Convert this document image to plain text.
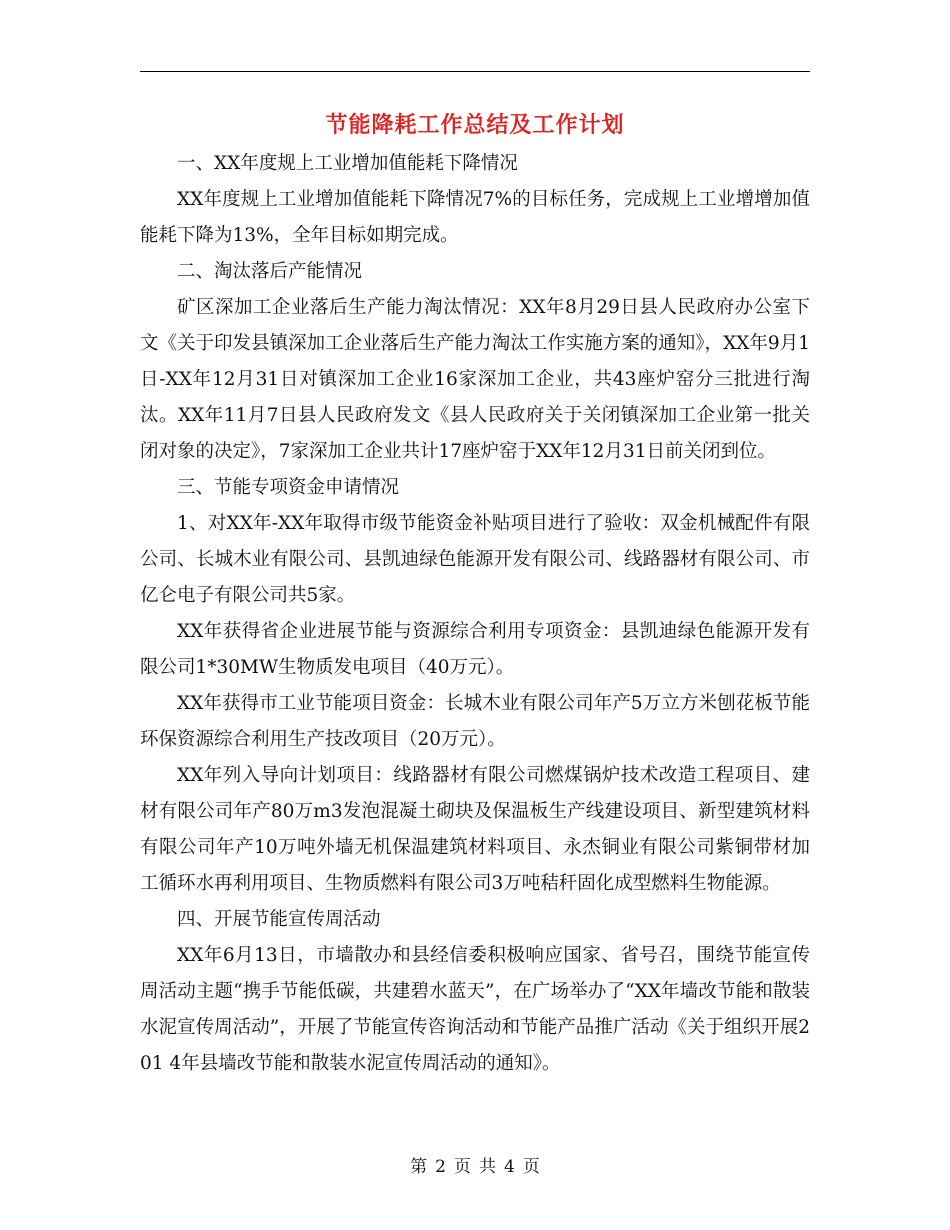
节能降耗工作总结及工作计划

一、XX年度规上工业增加值能耗下降情况

XX年度规上工业增加值能耗下降情况7%的目标任务，完成规上工业增增加值能耗下降为13%，全年目标如期完成。

二、淘汰落后产能情况

矿区深加工企业落后生产能力淘汰情况：XX年8月29日县人民政府办公室下文《关于印发县镇深加工企业落后生产能力淘汰工作实施方案的通知》，XX年9月1日-XX年12月31日对镇深加工企业16家深加工企业，共43座炉窑分三批进行淘汰。XX年11月7日县人民政府发文《县人民政府关于关闭镇深加工企业第一批关闭对象的决定》，7家深加工企业共计17座炉窑于XX年12月31日前关闭到位。

三、节能专项资金申请情况

1、对XX年-XX年取得市级节能资金补贴项目进行了验收：双金机械配件有限公司、长城木业有限公司、县凯迪绿色能源开发有限公司、线路器材有限公司、市亿仑电子有限公司共5家。

XX年获得省企业进展节能与资源综合利用专项资金：县凯迪绿色能源开发有限公司1*30MW生物质发电项目（40万元）。

XX年获得市工业节能项目资金：长城木业有限公司年产5万立方米刨花板节能环保资源综合利用生产技改项目（20万元）。

XX年列入导向计划项目：线路器材有限公司燃煤锅炉技术改造工程项目、建材有限公司年产80万m3发泡混凝土砌块及保温板生产线建设项目、新型建筑材料有限公司年产10万吨外墙无机保温建筑材料项目、永杰铜业有限公司紫铜带材加工循环水再利用项目、生物质燃料有限公司3万吨秸秆固化成型燃料生物能源。

四、开展节能宣传周活动

XX年6月13日，市墙散办和县经信委积极响应国家、省号召，围绕节能宣传周活动主题“携手节能低碳，共建碧水蓝天”，在广场举办了“XX年墙改节能和散装水泥宣传周活动”，开展了节能宣传咨询活动和节能产品推广活动《关于组织开展201 4年县墙改节能和散装水泥宣传周活动的通知》。

第 2 页 共 4 页
